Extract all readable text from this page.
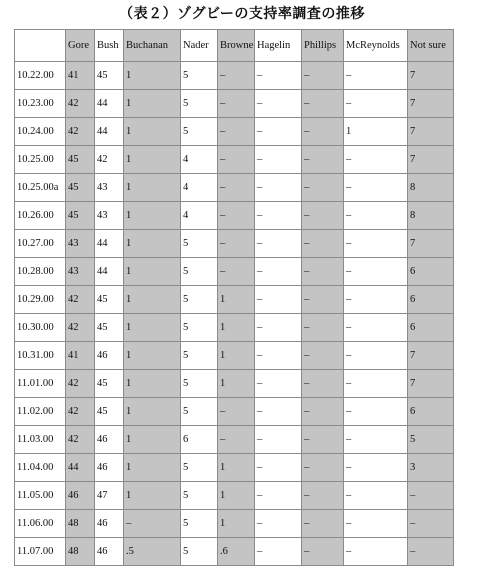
（表２）ゾグビーの支持率調査の推移
	Gore	Bush	Buchanan	Nader	Browne	Hagelin	Phillips	McReynolds	Not sure
10.22.00	41	45	1	5	–	–	–	–	7
10.23.00	42	44	1	5	–	–	–	–	7
10.24.00	42	44	1	5	–	–	–	1	7
10.25.00	45	42	1	4	–	–	–	–	7
10.25.00a	45	43	1	4	–	–	–	–	8
10.26.00	45	43	1	4	–	–	–	–	8
10.27.00	43	44	1	5	–	–	–	–	7
10.28.00	43	44	1	5	–	–	–	–	6
10.29.00	42	45	1	5	1	–	–	–	6
10.30.00	42	45	1	5	1	–	–	–	6
10.31.00	41	46	1	5	1	–	–	–	7
11.01.00	42	45	1	5	1	–	–	–	7
11.02.00	42	45	1	5	–	–	–	–	6
11.03.00	42	46	1	6	–	–	–	–	5
11.04.00	44	46	1	5	1	–	–	–	3
11.05.00	46	47	1	5	1	–	–	–	–
11.06.00	48	46	–	5	1	–	–	–	–
11.07.00	48	46	.5	5	.6	–	–	–	–
